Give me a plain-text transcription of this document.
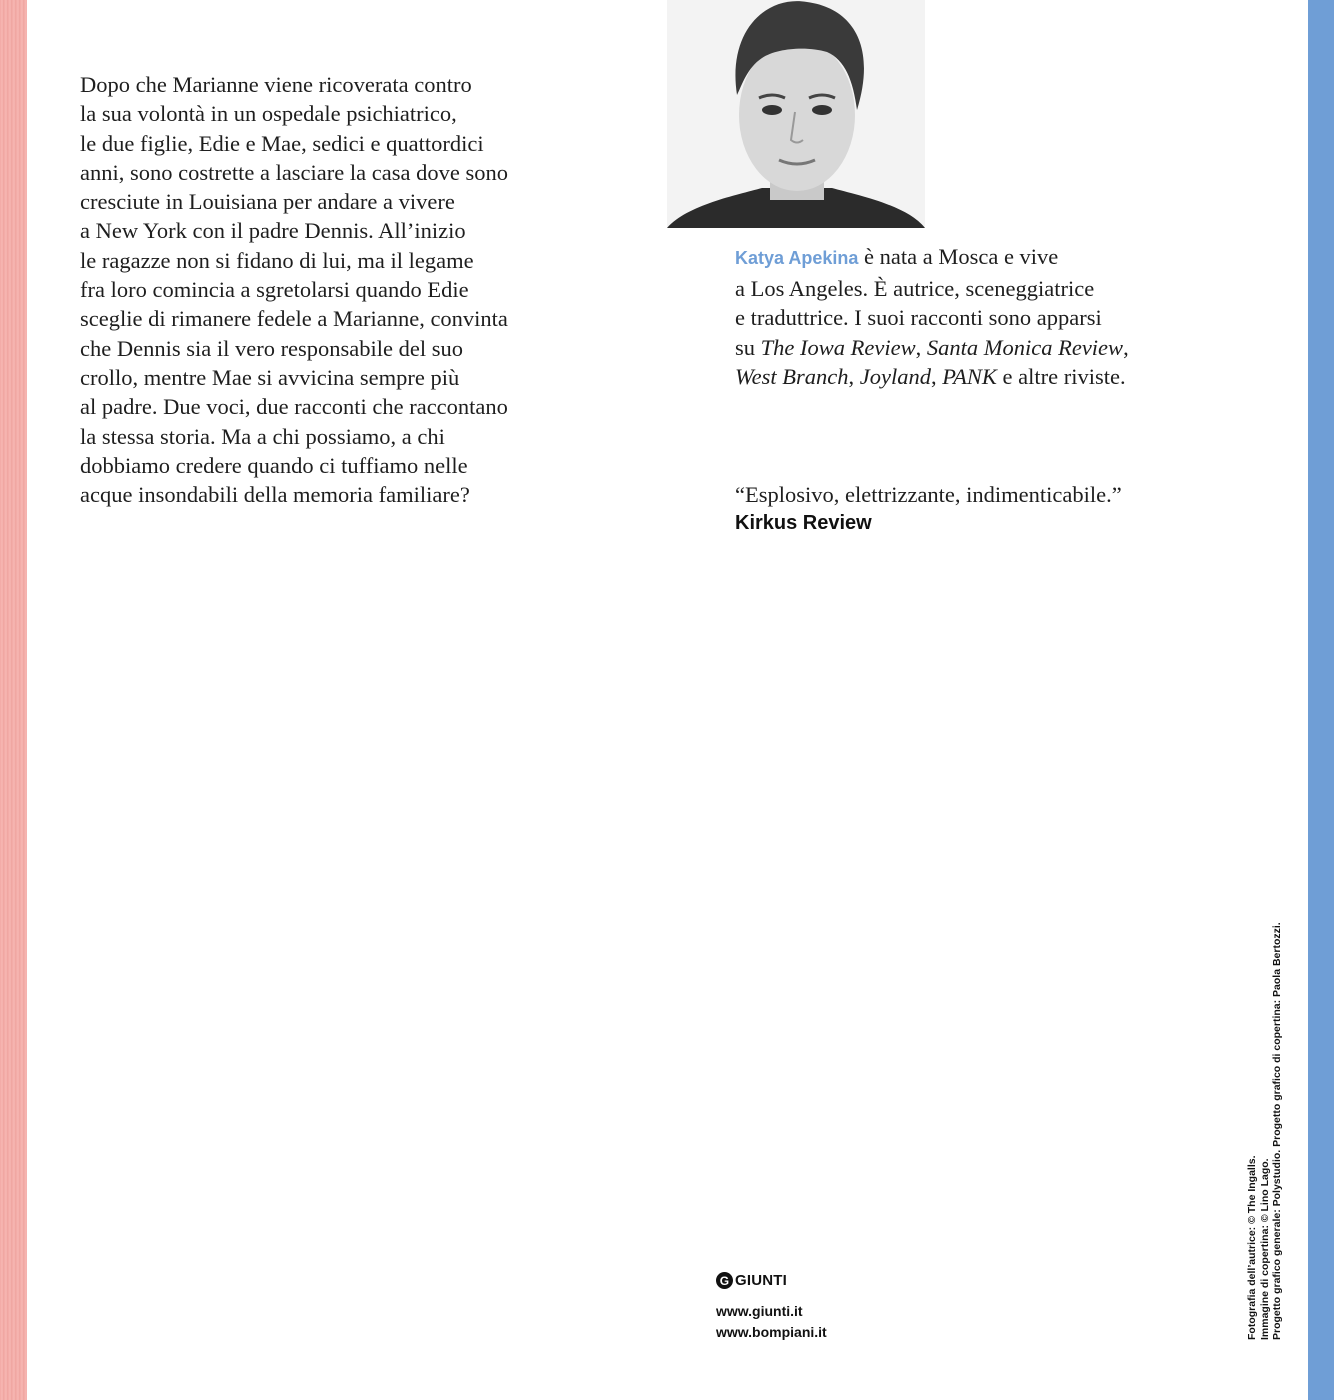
Dopo che Marianne viene ricoverata contro
la sua volontà in un ospedale psichiatrico,
le due figlie, Edie e Mae, sedici e quattordici
anni, sono costrette a lasciare la casa dove sono
cresciute in Louisiana per andare a vivere
a New York con il padre Dennis. All’inizio
le ragazze non si fidano di lui, ma il legame
fra loro comincia a sgretolarsi quando Edie
sceglie di rimanere fedele a Marianne, convinta
che Dennis sia il vero responsabile del suo
crollo, mentre Mae si avvicina sempre più
al padre. Due voci, due racconti che raccontano
la stessa storia. Ma a chi possiamo, a chi
dobbiamo credere quando ci tuffiamo nelle
acque insondabili della memoria familiare?
Katya Apekina è nata a Mosca e vive
a Los Angeles. È autrice, sceneggiatrice
e traduttrice. I suoi racconti sono apparsi
su The Iowa Review, Santa Monica Review,
West Branch, Joyland, PANK e altre riviste.
“Esplosivo, elettrizzante, indimenticabile.”
Kirkus Review
G GIUNTI
www.giunti.it
www.bompiani.it	Fotografia dell’autrice: © The Ingalls. Immagine di copertina: © Lino Lago. Progetto grafico generale: Polystudio. Progetto grafico di copertina: Paola Bertozzi.
